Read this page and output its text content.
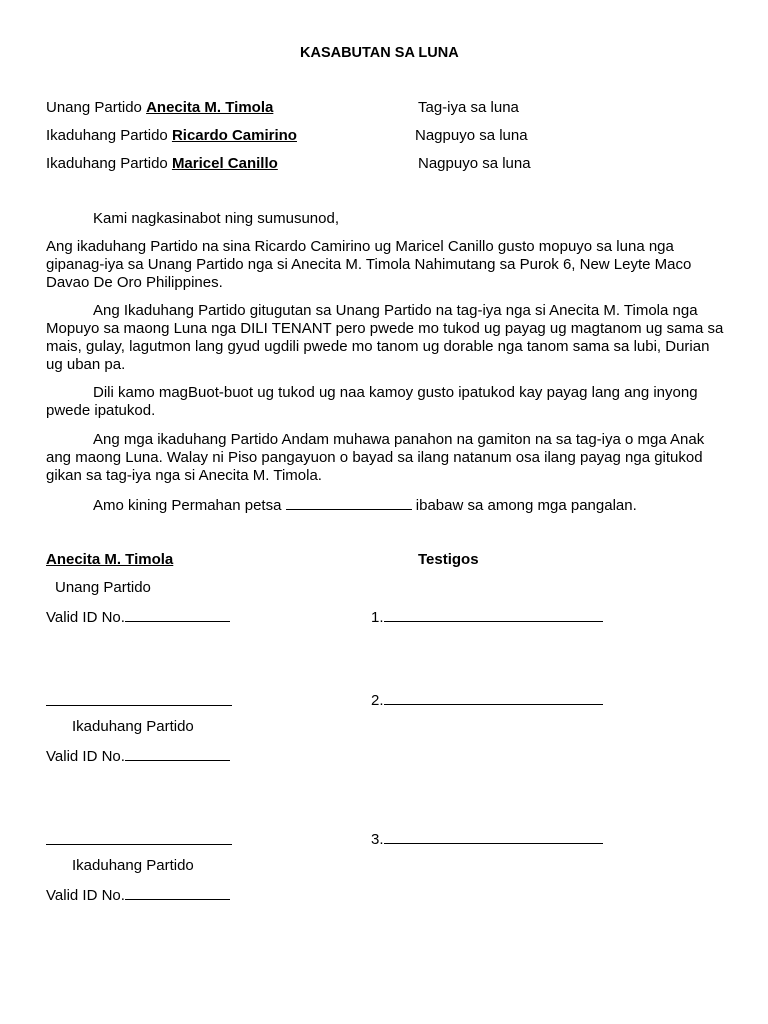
KASABUTAN SA LUNA
Unang Partido Anecita M. Timola	Tag-iya sa luna
Ikaduhang Partido Ricardo Camirino	Nagpuyo sa luna
Ikaduhang Partido Maricel Canillo	Nagpuyo sa luna

Kami nagkasinabot ning sumusunod,

Ang ikaduhang Partido na sina Ricardo Camirino ug Maricel Canillo gusto mopuyo sa luna nga gipanag-iya sa Unang Partido nga si Anecita M. Timola Nahimutang sa Purok 6, New Leyte Maco Davao De Oro Philippines.

Ang Ikaduhang Partido gitugutan sa Unang Partido na tag-iya nga si Anecita M. Timola nga Mopuyo sa maong Luna nga DILI TENANT pero pwede mo tukod ug payag ug magtanom ug sama sa mais, gulay, lagutmon lang gyud ugdili pwede mo tanom ug dorable nga tanom sama sa lubi, Durian ug uban pa.

Dili kamo magBuot-buot ug tukod ug naa kamoy gusto ipatukod kay payag lang ang inyong pwede ipatukod.

Ang mga ikaduhang Partido Andam muhawa panahon na gamiton na sa tag-iya o mga Anak ang maong Luna. Walay ni Piso pangayuon o bayad sa ilang natanum osa ilang payag nga gitukod gikan sa tag-iya nga si Anecita M. Timola.

Amo kining Permahan petsa	ibabaw sa among mga pangalan.

Anecita M. Timola	Testigos
Unang Partido
Valid ID No.	1.
2.
Ikaduhang Partido
Valid ID No.
3.
Ikaduhang Partido
Valid ID No.
